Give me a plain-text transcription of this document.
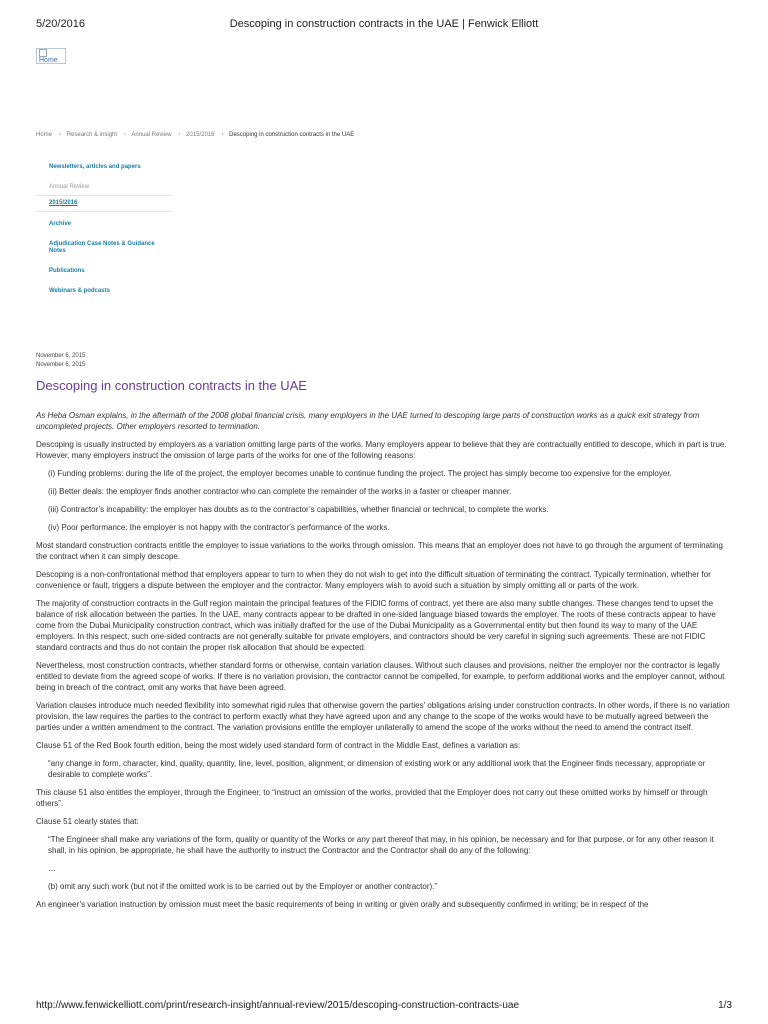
5/20/2016	Descoping in construction contracts in the UAE | Fenwick Elliott
Home
Home › Research & insight › Annual Review › 2015/2016 › Descoping in construction contracts in the UAE
Newsletters, articles and papers
Annual Review
2015/2016
Archive
Adjudication Case Notes & Guidance Notes
Publications
Webinars & podcasts
November 6, 2015
November 6, 2015
Descoping in construction contracts in the UAE

As Heba Osman explains, in the aftermath of the 2008 global financial crisis, many employers in the UAE turned to descoping large parts of construction works as a quick exit strategy from uncompleted projects. Other employers resorted to termination.

Descoping is usually instructed by employers as a variation omitting large parts of the works. Many employers appear to believe that they are contractually entitled to descope, which in part is true. However, many employers instruct the omission of large parts of the works for one of the following reasons:

(i) Funding problems: during the life of the project, the employer becomes unable to continue funding the project. The project has simply become too expensive for the employer.
(ii) Better deals: the employer finds another contractor who can complete the remainder of the works in a faster or cheaper manner.
(iii) Contractor’s incapability: the employer has doubts as to the contractor’s capabilities, whether financial or technical, to complete the works.
(iv) Poor performance: the employer is not happy with the contractor’s performance of the works.

Most standard construction contracts entitle the employer to issue variations to the works through omission. This means that an employer does not have to go through the argument of terminating the contract when it can simply descope.

Descoping is a non-confrontational method that employers appear to turn to when they do not wish to get into the difficult situation of terminating the contract. Typically termination, whether for convenience or fault, triggers a dispute between the employer and the contractor. Many employers wish to avoid such a situation by simply omitting all or parts of the work.

The majority of construction contracts in the Gulf region maintain the principal features of the FIDIC forms of contract, yet there are also many subtle changes. These changes tend to upset the balance of risk allocation between the parties. In the UAE, many contracts appear to be drafted in one-sided language biased towards the employer. The roots of these contracts appear to have come from the Dubai Municipality construction contract, which was initially drafted for the use of the Dubai Municipality as a Governmental entity but then found its way to many of the UAE employers. In this respect, such one-sided contracts are not generally suitable for private employers, and contractors should be very careful in signing such agreements. These are not FIDIC standard contracts and thus do not contain the proper risk allocation that should be expected.

Nevertheless, most construction contracts, whether standard forms or otherwise, contain variation clauses. Without such clauses and provisions, neither the employer nor the contractor is legally entitled to deviate from the agreed scope of works. If there is no variation provision, the contractor cannot be compelled, for example, to perform additional works and the employer cannot, without being in breach of the contract, omit any works that have been agreed.

Variation clauses introduce much needed flexibility into somewhat rigid rules that otherwise govern the parties’ obligations arising under construction contracts. In other words, if there is no variation provision, the law requires the parties to the contract to perform exactly what they have agreed upon and any change to the scope of the works would have to be mutually agreed between the parties under a written amendment to the contract. The variation provisions entitle the employer unilaterally to amend the scope of the works without the need to amend the contract itself.

Clause 51 of the Red Book fourth edition, being the most widely used standard form of contract in the Middle East, defines a variation as:

“any change in form, character, kind, quality, quantity, line, level, position, alignment, or dimension of existing work or any additional work that the Engineer finds necessary, appropriate or desirable to complete works”.

This clause 51 also entitles the employer, through the Engineer, to “instruct an omission of the works, provided that the Employer does not carry out these omitted works by himself or through others”.

Clause 51 clearly states that:

“The Engineer shall make any variations of the form, quality or quantity of the Works or any part thereof that may, in his opinion, be necessary and for that purpose, or for any other reason it shall, in his opinion, be appropriate, he shall have the authority to instruct the Contractor and the Contractor shall do any of the following:
…
(b) omit any such work (but not if the omitted work is to be carried out by the Employer or another contractor).”

An engineer’s variation instruction by omission must meet the basic requirements of being in writing or given orally and subsequently confirmed in writing; be in respect of the

http://www.fenwickelliott.com/print/research-insight/annual-review/2015/descoping-construction-contracts-uae	1/3
